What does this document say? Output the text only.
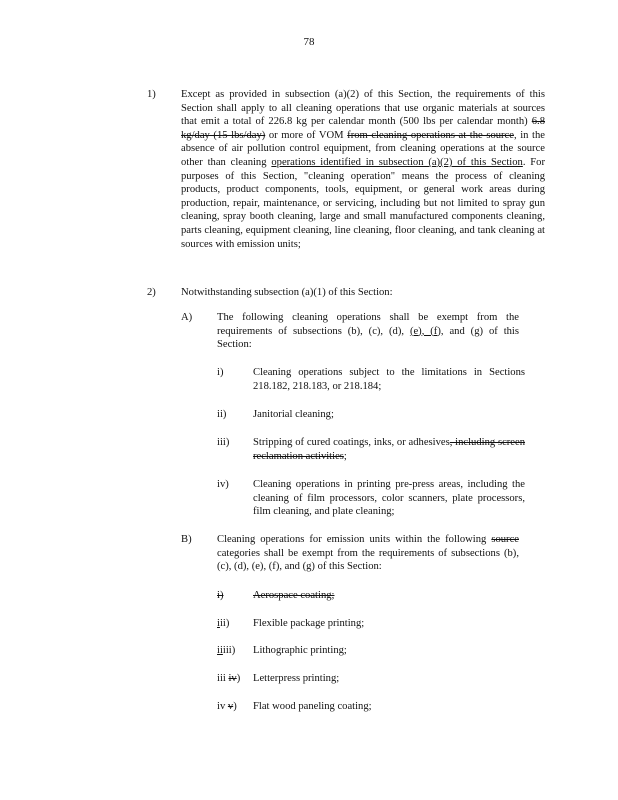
78
1) Except as provided in subsection (a)(2) of this Section, the requirements of this Section shall apply to all cleaning operations that use organic materials at sources that emit a total of 226.8 kg per calendar month (500 lbs per calendar month) 6.8 kg/day (15 lbs/day) or more of VOM from cleaning operations at the source, in the absence of air pollution control equipment, from cleaning operations at the source other than cleaning operations identified in subsection (a)(2) of this Section. For purposes of this Section, "cleaning operation" means the process of cleaning products, product components, tools, equipment, or general work areas during production, repair, maintenance, or servicing, including but not limited to spray gun cleaning, spray booth cleaning, large and small manufactured components cleaning, parts cleaning, equipment cleaning, line cleaning, floor cleaning, and tank cleaning at sources with emission units;
2) Notwithstanding subsection (a)(1) of this Section:
A) The following cleaning operations shall be exempt from the requirements of subsections (b), (c), (d), (e), (f), and (g) of this Section:
i)	Cleaning operations subject to the limitations in Sections 218.182, 218.183, or 218.184;
ii)	Janitorial cleaning;
iii) Stripping of cured coatings, inks, or adhesives, including screen reclamation activities;
iv) Cleaning operations in printing pre-press areas, including the cleaning of film processors, color scanners, plate processors, film cleaning, and plate cleaning;
B) Cleaning operations for emission units within the following source categories shall be exempt from the requirements of subsections (b), (c), (d), (e), (f), and (g) of this Section:
i)	Aerospace coating;
iii) Flexible package printing;
iiiii) Lithographic printing;
iii iv) Letterpress printing;
iv v) Flat wood paneling coating;
